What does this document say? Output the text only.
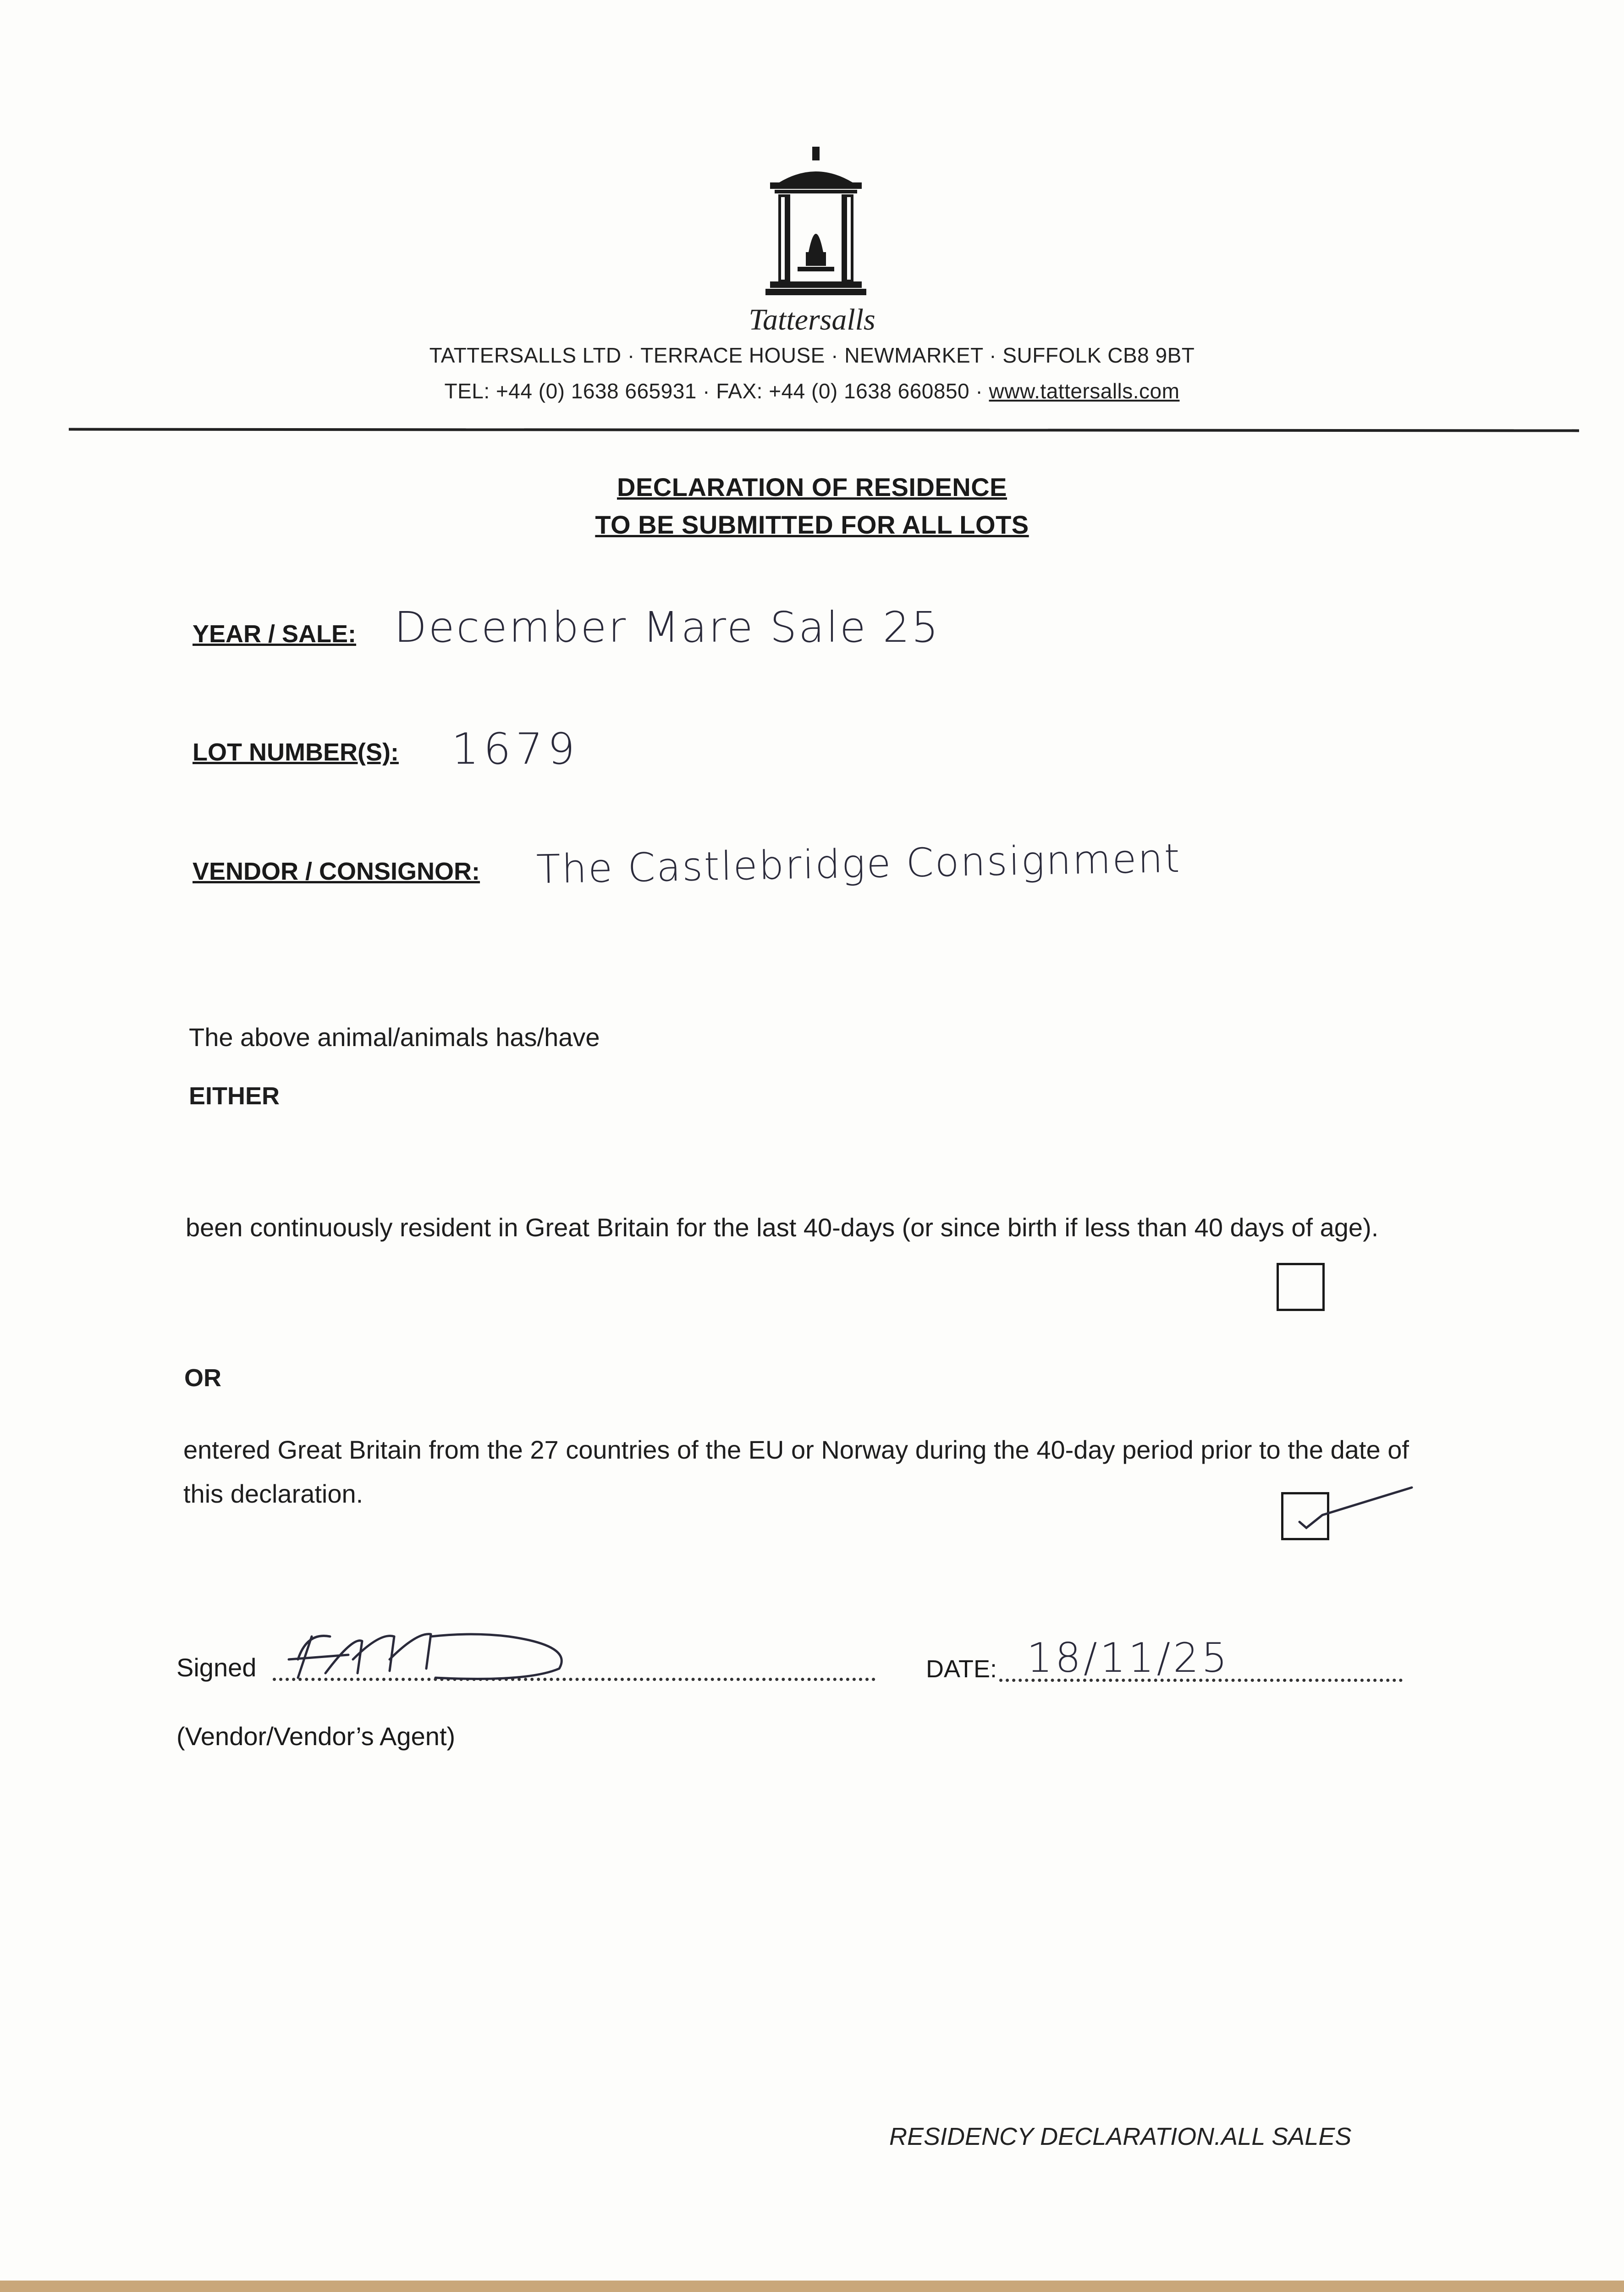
Tattersalls
TATTERSALLS LTD · TERRACE HOUSE · NEWMARKET · SUFFOLK CB8 9BT
TEL: +44 (0) 1638 665931 · FAX: +44 (0) 1638 660850 · www.tattersalls.com
DECLARATION OF RESIDENCE
TO BE SUBMITTED FOR ALL LOTS
YEAR / SALE: December Mare Sale 25
LOT NUMBER(S): 1679
VENDOR / CONSIGNOR: The Castlebridge Consignment
The above animal/animals has/have
EITHER
been continuously resident in Great Britain for the last 40-days (or since birth if less than 40 days of age).
OR
entered Great Britain from the 27 countries of the EU or Norway during the 40-day period prior to the date of this declaration.
Signed	DATE: 18/11/25
(Vendor/Vendor’s Agent)
RESIDENCY DECLARATION.ALL SALES
